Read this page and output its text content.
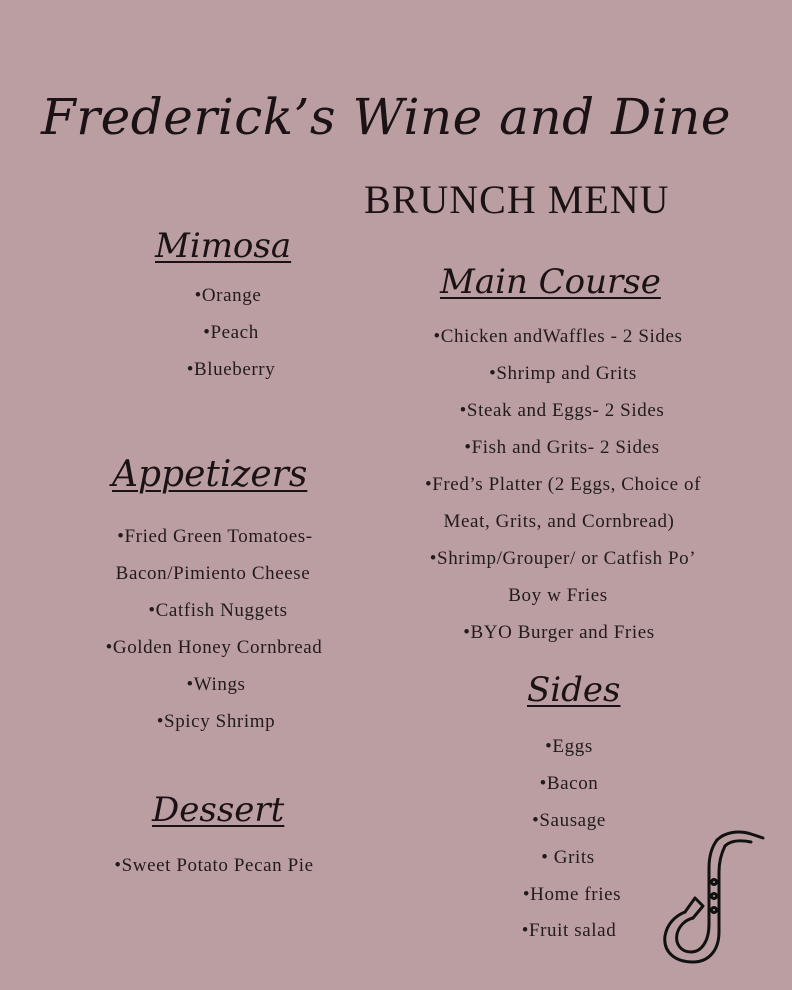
Frederick’s Wine and Dine
BRUNCH MENU
Mimosa
•Orange
•Peach
•Blueberry
Appetizers
•Fried Green Tomatoes-
Bacon/Pimiento Cheese
•Catfish Nuggets
•Golden Honey Cornbread
•Wings
•Spicy Shrimp
Dessert
•Sweet Potato Pecan Pie
Main Course
•Chicken andWaffles - 2 Sides
•Shrimp and Grits
•Steak and Eggs- 2 Sides
•Fish and Grits- 2 Sides
•Fred’s Platter (2 Eggs, Choice of
Meat, Grits, and Cornbread)
•Shrimp/Grouper/ or Catfish Po’
Boy w Fries
•BYO Burger and Fries
Sides
•Eggs
•Bacon
•Sausage
• Grits
•Home fries
•Fruit salad
